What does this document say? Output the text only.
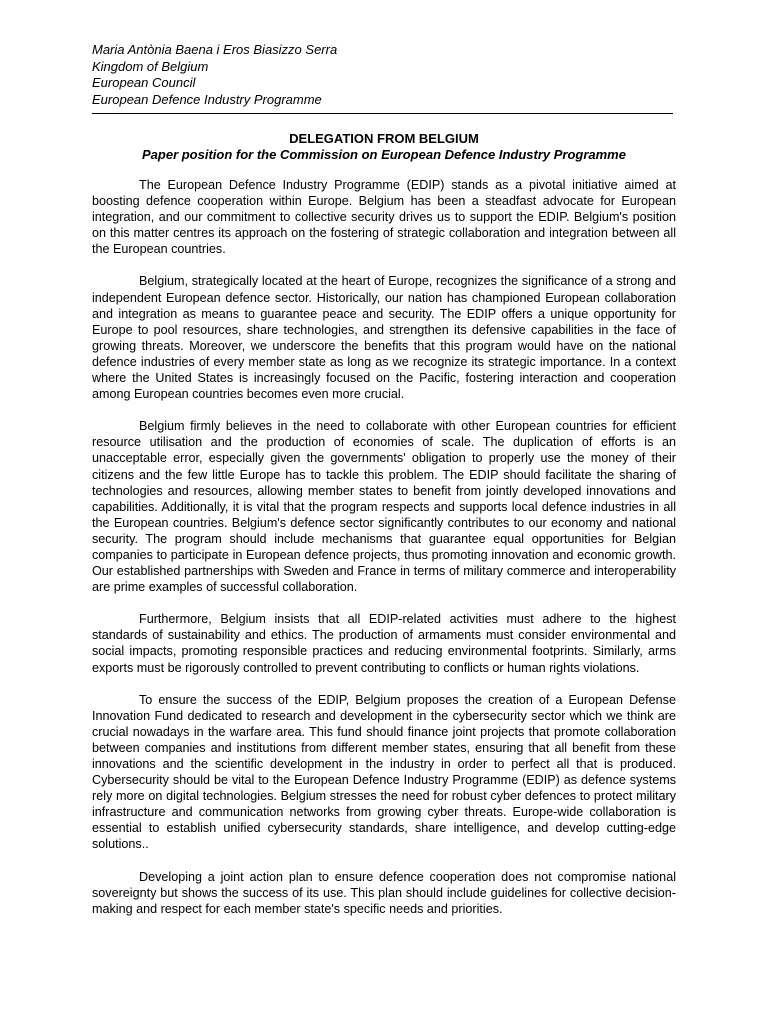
Maria Antònia Baena i Eros Biasizzo Serra
Kingdom of Belgium
European Council
European Defence Industry Programme
DELEGATION FROM BELGIUM
Paper position for the Commission on European Defence Industry Programme

The European Defence Industry Programme (EDIP) stands as a pivotal initiative aimed at boosting defence cooperation within Europe. Belgium has been a steadfast advocate for European integration, and our commitment to collective security drives us to support the EDIP. Belgium's position on this matter centres its approach on the fostering of strategic collaboration and integration between all the European countries.

Belgium, strategically located at the heart of Europe, recognizes the significance of a strong and independent European defence sector. Historically, our nation has championed European collaboration and integration as means to guarantee peace and security. The EDIP offers a unique opportunity for Europe to pool resources, share technologies, and strengthen its defensive capabilities in the face of growing threats. Moreover, we underscore the benefits that this program would have on the national defence industries of every member state as long as we recognize its strategic importance. In a context where the United States is increasingly focused on the Pacific, fostering interaction and cooperation among European countries becomes even more crucial.

Belgium firmly believes in the need to collaborate with other European countries for efficient resource utilisation and the production of economies of scale. The duplication of efforts is an unacceptable error, especially given the governments' obligation to properly use the money of their citizens and the few little Europe has to tackle this problem. The EDIP should facilitate the sharing of technologies and resources, allowing member states to benefit from jointly developed innovations and capabilities. Additionally, it is vital that the program respects and supports local defence industries in all the European countries. Belgium's defence sector significantly contributes to our economy and national security. The program should include mechanisms that guarantee equal opportunities for Belgian companies to participate in European defence projects, thus promoting innovation and economic growth. Our established partnerships with Sweden and France in terms of military commerce and interoperability are prime examples of successful collaboration.

Furthermore, Belgium insists that all EDIP-related activities must adhere to the highest standards of sustainability and ethics. The production of armaments must consider environmental and social impacts, promoting responsible practices and reducing environmental footprints. Similarly, arms exports must be rigorously controlled to prevent contributing to conflicts or human rights violations.

To ensure the success of the EDIP, Belgium proposes the creation of a European Defense Innovation Fund dedicated to research and development in the cybersecurity sector which we think are crucial nowadays in the warfare area. This fund should finance joint projects that promote collaboration between companies and institutions from different member states, ensuring that all benefit from these innovations and the scientific development in the industry in order to perfect all that is produced. Cybersecurity should be vital to the European Defence Industry Programme (EDIP) as defence systems rely more on digital technologies. Belgium stresses the need for robust cyber defences to protect military infrastructure and communication networks from growing cyber threats. Europe-wide collaboration is essential to establish unified cybersecurity standards, share intelligence, and develop cutting-edge solutions..

Developing a joint action plan to ensure defence cooperation does not compromise national sovereignty but shows the success of its use. This plan should include guidelines for collective decision-making and respect for each member state's specific needs and priorities.
